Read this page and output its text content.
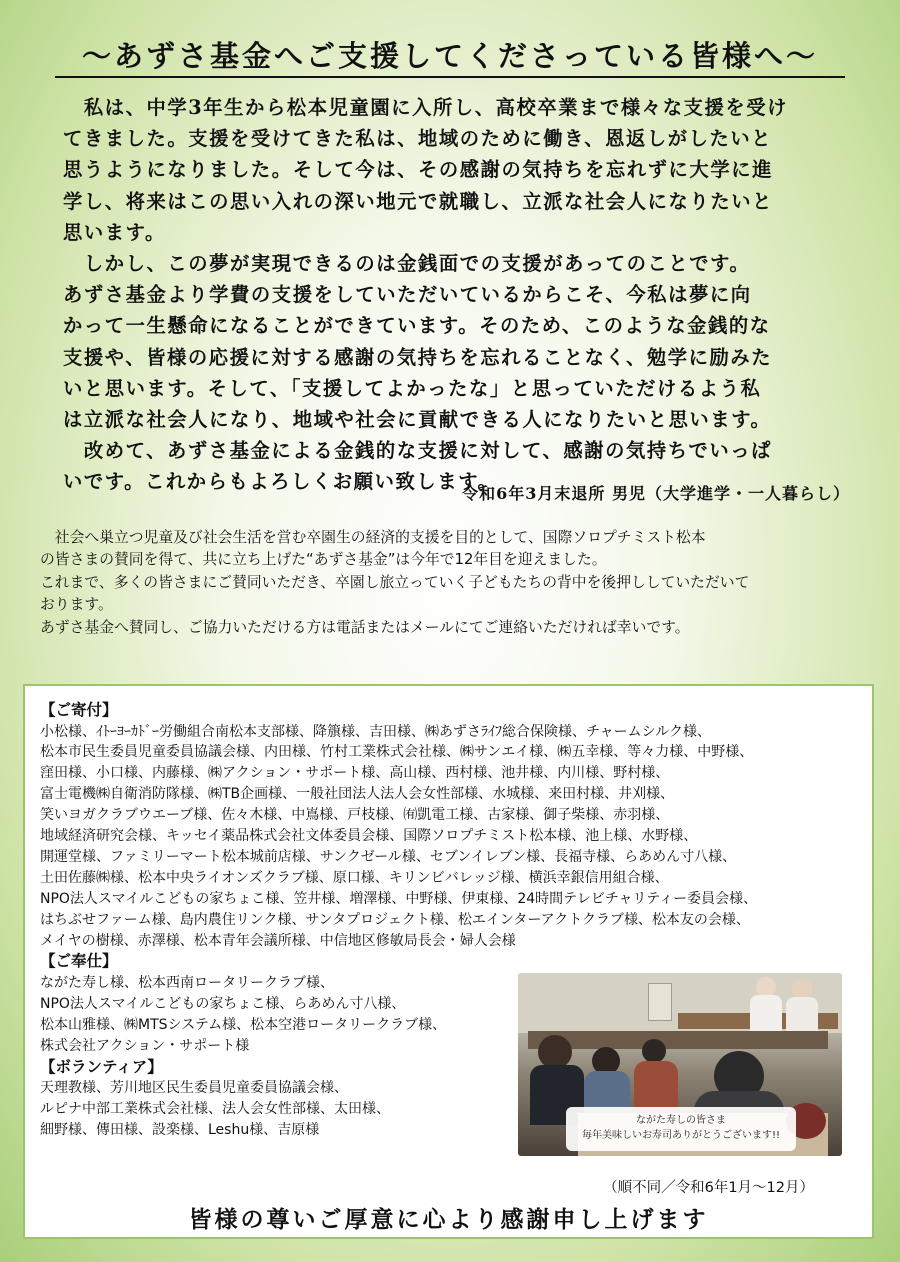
～あずさ基金へご支援してくださっている皆様へ～

　私は、中学3年生から松本児童園に入所し、高校卒業まで様々な支援を受け

てきました。支援を受けてきた私は、地域のために働き、恩返しがしたいと

思うようになりました。そして今は、その感謝の気持ちを忘れずに大学に進

学し、将来はこの思い入れの深い地元で就職し、立派な社会人になりたいと

思います。

　しかし、この夢が実現できるのは金銭面での支援があってのことです。

あずさ基金より学費の支援をしていただいているからこそ、今私は夢に向

かって一生懸命になることができています。そのため、このような金銭的な

支援や、皆様の応援に対する感謝の気持ちを忘れることなく、勉学に励みた

いと思います。そして、「支援してよかったな」と思っていただけるよう私

は立派な社会人になり、地域や社会に貢献できる人になりたいと思います。

　改めて、あずさ基金による金銭的な支援に対して、感謝の気持ちでいっぱ

いです。これからもよろしくお願い致します。

令和6年3月末退所 男児（大学進学・一人暮らし）

社会へ巣立つ児童及び社会生活を営む卒園生の経済的支援を目的として、国際ソロプチミスト松本

の皆さまの賛同を得て、共に立ち上げた“あずさ基金”は今年で12年目を迎えました。

これまで、多くの皆さまにご賛同いただき、卒園し旅立っていく子どもたちの背中を後押ししていただいて

おります。

あずさ基金へ賛同し、ご協力いただける方は電話またはメールにてご連絡いただければ幸いです。

【ご寄付】

小松様、ｲﾄｰﾖｰｶﾄﾞｰ労働組合南松本支部様、降籏様、吉田様、㈱あずさﾗｲﾌ総合保険様、チャームシルク様、
松本市民生委員児童委員協議会様、内田様、竹村工業株式会社様、㈱サンエイ様、㈱五幸様、等々力様、中野様、
窪田様、小口様、内藤様、㈱アクション・サポート様、高山様、西村様、池井様、内川様、野村様、
富士電機㈱自衛消防隊様、㈱TB企画様、一般社団法人法人会女性部様、水城様、来田村様、井刈様、
笑いヨガクラブウエーブ様、佐々木様、中嶌様、戸枝様、㈲凱電工様、古家様、御子柴様、赤羽様、
地域経済研究会様、キッセイ薬品株式会社文体委員会様、国際ソロプチミスト松本様、池上様、水野様、
開運堂様、ファミリーマート松本城前店様、サンクゼール様、セブンイレブン様、長福寺様、らあめん寸八様、
土田佐藤㈱様、松本中央ライオンズクラブ様、原口様、キリンビバレッジ様、横浜幸銀信用組合様、
NPO法人スマイルこどもの家ちょこ様、笠井様、増澤様、中野様、伊東様、24時間テレビチャリティー委員会様、
はちぶせファーム様、島内農住リンク様、サンタプロジェクト様、松エインターアクトクラブ様、松本友の会様、
メイヤの樹様、赤澤様、松本青年会議所様、中信地区修敏局長会・婦人会様

【ご奉仕】

ながた寿し様、松本西南ロータリークラブ様、
NPO法人スマイルこどもの家ちょこ様、らあめん寸八様、
松本山雅様、㈱MTSシステム様、松本空港ロータリークラブ様、
株式会社アクション・サポート様

【ボランティア】

天理教様、芳川地区民生委員児童委員協議会様、
ルピナ中部工業株式会社様、法人会女性部様、太田様、
細野様、傳田様、設楽様、Leshu様、吉原様
ながた寿しの皆さま
毎年美味しいお寿司ありがとうございます!!

（順不同／令和6年1月～12月）

皆様の尊いご厚意に心より感謝申し上げます
